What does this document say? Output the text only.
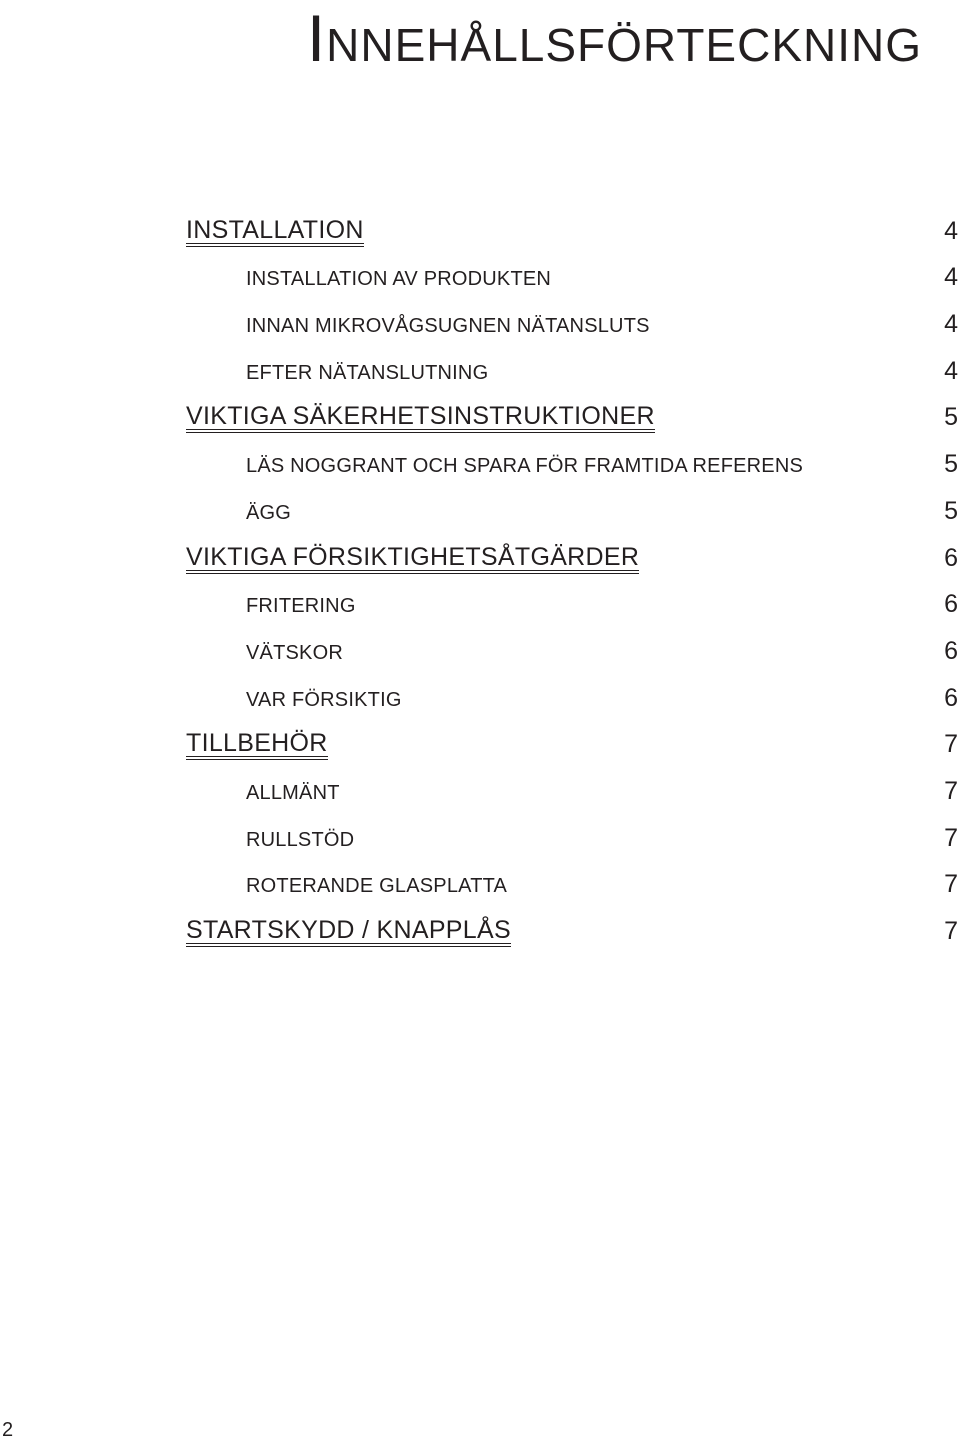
Innehållsförteckning
INSTALLATION	4
INSTALLATION AV PRODUKTEN	4
INNAN MIKROVÅGSUGNEN NÄTANSLUTS	4
EFTER NÄTANSLUTNING	4
VIKTIGA SÄKERHETSINSTRUKTIONER	5
LÄS NOGGRANT OCH SPARA FÖR FRAMTIDA REFERENS	5
ÄGG	5
VIKTIGA FÖRSIKTIGHETSÅTGÄRDER	6
FRITERING	6
VÄTSKOR	6
VAR FÖRSIKTIG	6
TILLBEHÖR	7
ALLMÄNT	7
RULLSTÖD	7
ROTERANDE GLASPLATTA	7
STARTSKYDD / KNAPPLÅS	7
2
